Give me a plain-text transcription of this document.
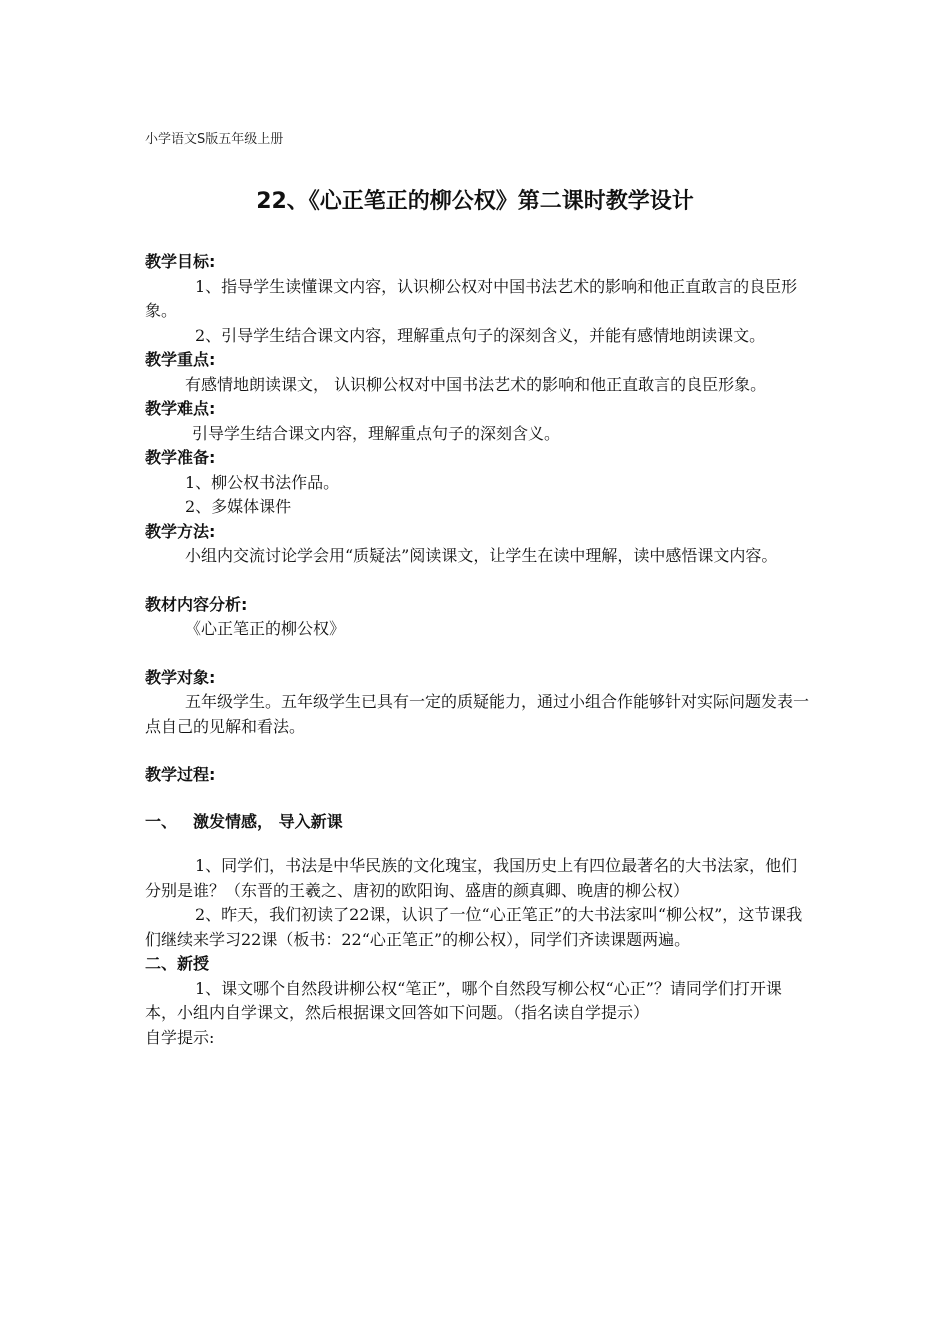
小学语文S版五年级上册
22、《心正笔正的柳公权》第二课时教学设计

教学目标:

1、指导学生读懂课文内容，认识柳公权对中国书法艺术的影响和他正直敢言的良臣形象。

2、引导学生结合课文内容，理解重点句子的深刻含义，并能有感情地朗读课文。

教学重点:

有感情地朗读课文， 认识柳公权对中国书法艺术的影响和他正直敢言的良臣形象。

教学难点:

引导学生结合课文内容，理解重点句子的深刻含义。

教学准备:

1、柳公权书法作品。

2、多媒体课件

教学方法:

小组内交流讨论学会用“质疑法”阅读课文，让学生在读中理解，读中感悟课文内容。

教材内容分析:

《心正笔正的柳公权》

教学对象:

五年级学生。五年级学生已具有一定的质疑能力，通过小组合作能够针对实际问题发表一点自己的见解和看法。

教学过程:

一、 激发情感， 导入新课

1、同学们，书法是中华民族的文化瑰宝，我国历史上有四位最著名的大书法家，他们分别是谁？（东晋的王羲之、唐初的欧阳询、盛唐的颜真卿、晚唐的柳公权）

2、昨天，我们初读了22课，认识了一位“心正笔正”的大书法家叫“柳公权”，这节课我们继续来学习22课（板书：22“心正笔正”的柳公权），同学们齐读课题两遍。

二、新授

1、课文哪个自然段讲柳公权“笔正”，哪个自然段写柳公权“心正”？请同学们打开课本，小组内自学课文，然后根据课文回答如下问题。（指名读自学提示）

自学提示:
